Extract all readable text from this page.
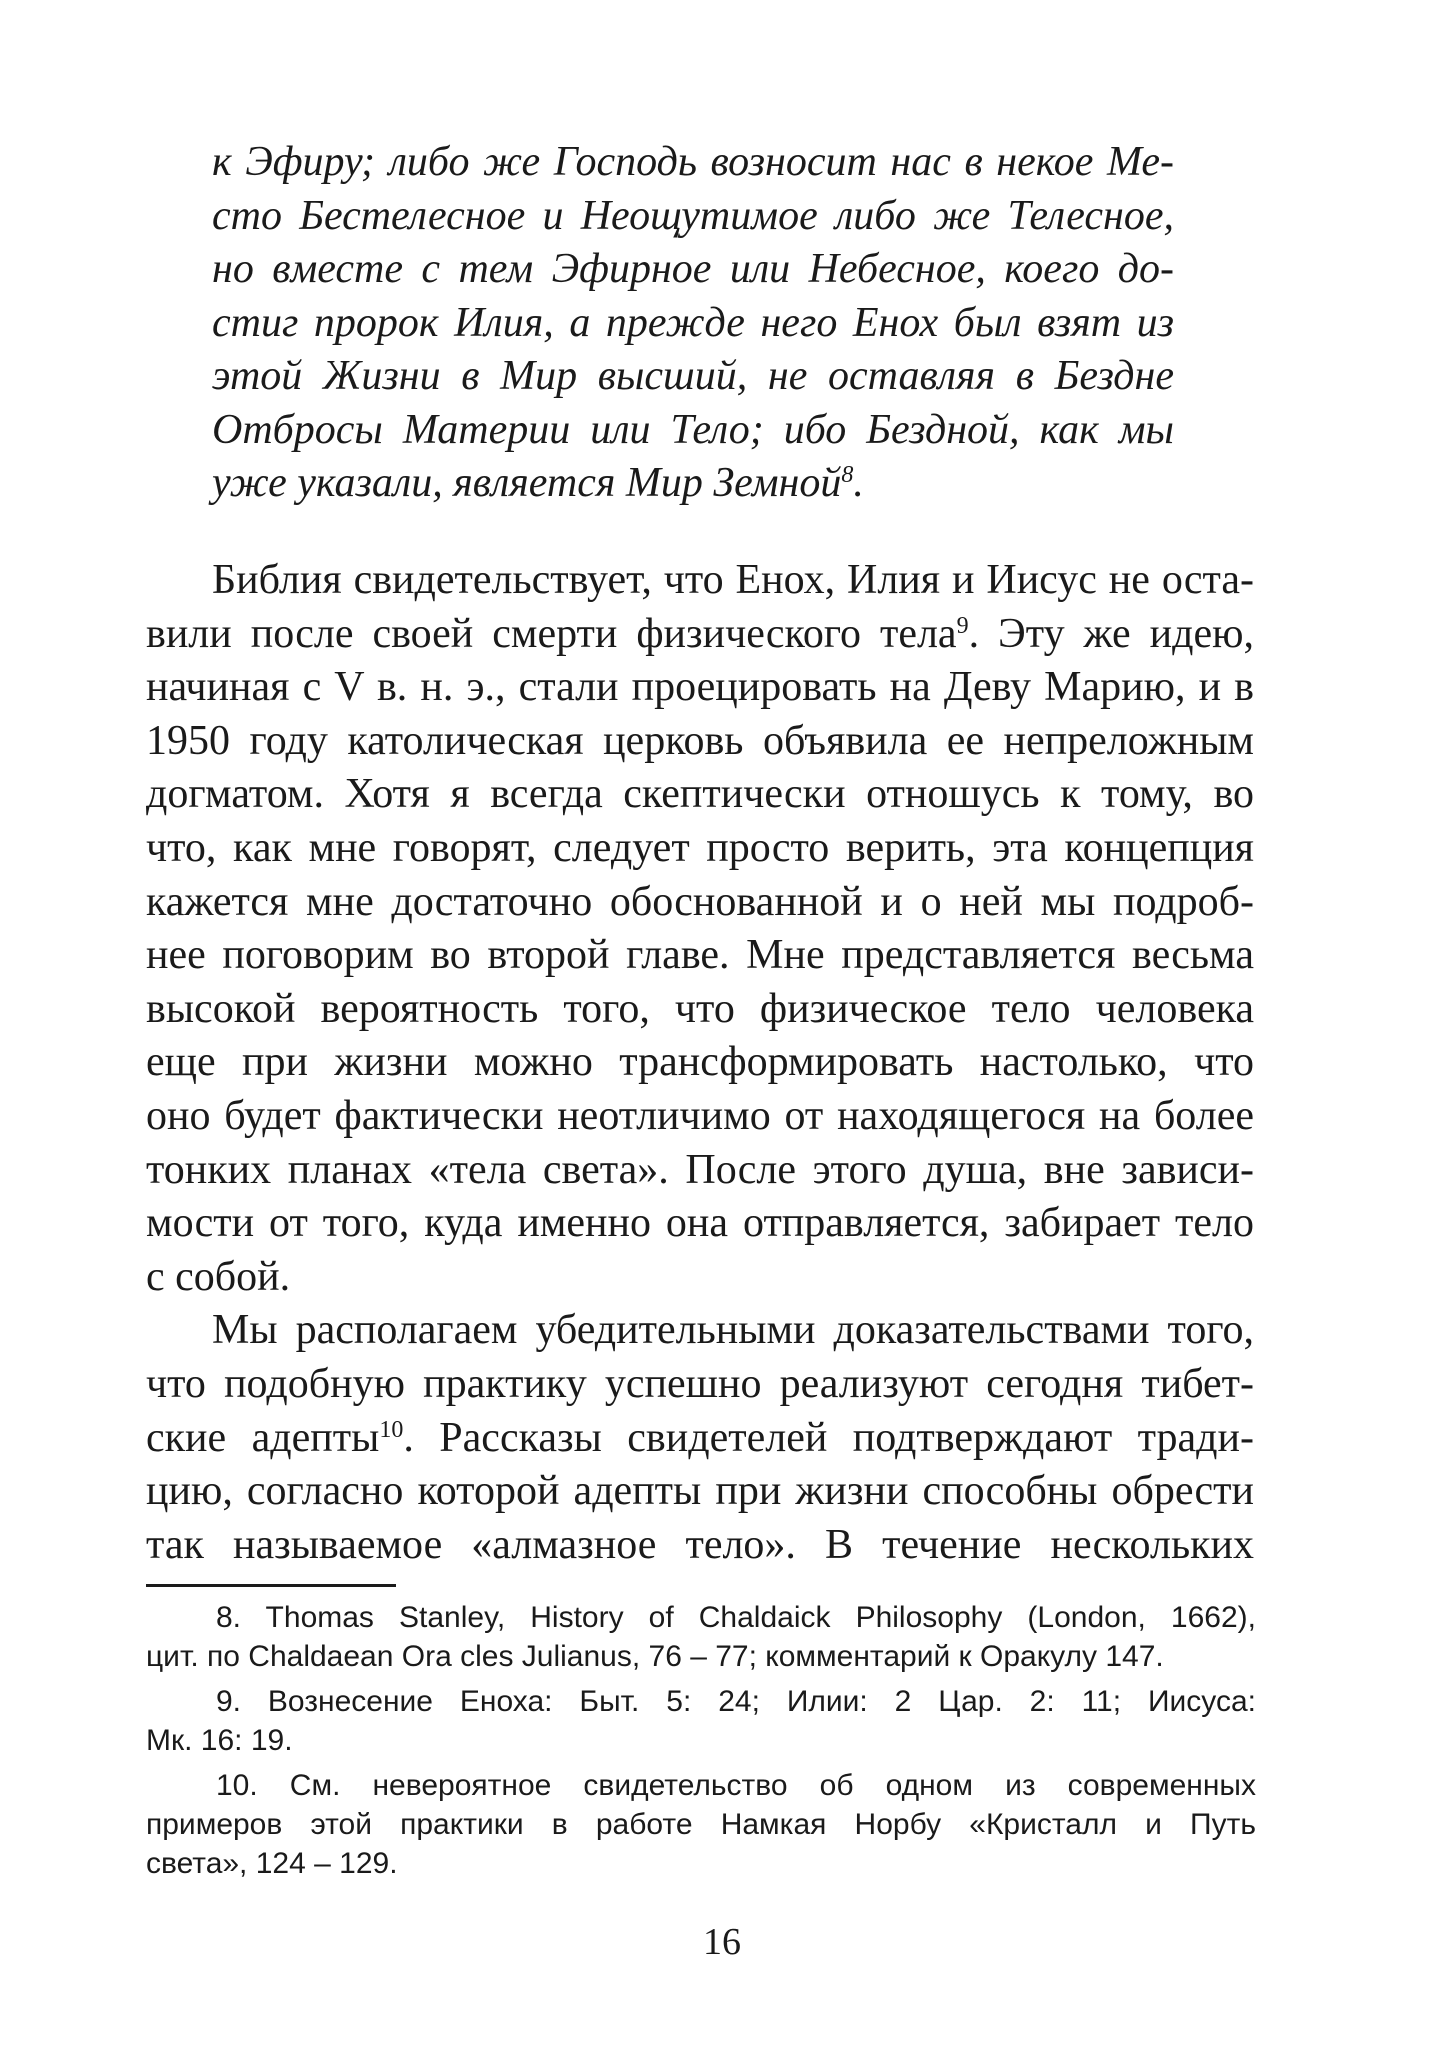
к Эфиру; либо же Господь возносит нас в некое Ме-
сто Бестелесное и Неощутимое либо же Телесное,
но вместе с тем Эфирное или Небесное, коего до-
стиг пророк Илия, а прежде него Енох был взят из
этой Жизни в Мир высший, не оставляя в Бездне
Отбросы Материи или Тело; ибо Бездной, как мы
уже указали, является Мир Земной$^8$.
Библия свидетельствует, что Енох, Илия и Иисус не оста-
вили после своей смерти физического тела$^9$. Эту же идею,
начиная с V в. н. э., стали проецировать на Деву Марию, и в
1950 году католическая церковь объявила ее непреложным
догматом. Хотя я всегда скептически отношусь к тому, во
что, как мне говорят, следует просто верить, эта концепция
кажется мне достаточно обоснованной и о ней мы подроб-
нее поговорим во второй главе. Мне представляется весьма
высокой вероятность того, что физическое тело человека
еще при жизни можно трансформировать настолько, что
оно будет фактически неотличимо от находящегося на более
тонких планах «тела света». После этого душа, вне зависи-
мости от того, куда именно она отправляется, забирает тело
с собой.
Мы располагаем убедительными доказательствами того,
что подобную практику успешно реализуют сегодня тибет-
ские адепты$^{10}$. Рассказы свидетелей подтверждают тради-
цию, согласно которой адепты при жизни способны обрести
так называемое «алмазное тело». В течение нескольких
8. Thomas Stanley, History of Chaldaick Philosophy (London, 1662),
цит. по Chaldaean Ora cles Julianus, 76 – 77; комментарий к Оракулу 147.
9. Вознесение Еноха: Быт. 5: 24; Илии: 2 Цар. 2: 11; Иисуса:
Мк. 16: 19.
10. См. невероятное свидетельство об одном из современных
примеров этой практики в работе Намкая Норбу «Кристалл и Путь
света», 124 – 129.
16
